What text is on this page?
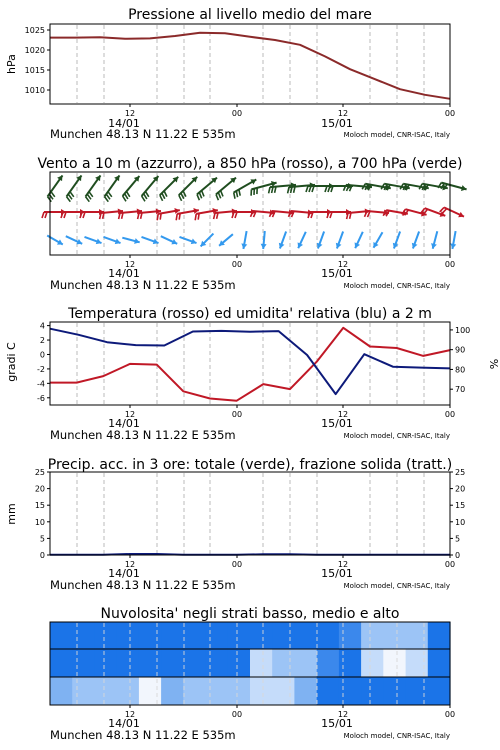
Pressione al livello medio del mare
hPa
1025
1020
1015
1010
12	00	12	00
14/01	15/01
Munchen 48.13 N 11.22 E 535m	Moloch model, CNR-ISAC, Italy
Vento a 10 m (azzurro), a 850 hPa (rosso), a 700 hPa (verde)
12	00	12	00
14/01	15/01
Munchen 48.13 N 11.22 E 535m	Moloch model, CNR-ISAC, Italy
Temperatura (rosso) ed umidita' relativa (blu) a 2 m
gradi C	%
4
2
0
-2
-4
-6
100
90
80
70
12	00	12	00
14/01	15/01
Munchen 48.13 N 11.22 E 535m	Moloch model, CNR-ISAC, Italy
Precip. acc. in 3 ore: totale (verde), frazione solida (tratt.)
mm
25
20
15
10
5
0
25
20
15
10
5
0
12	00	12	00
14/01	15/01
Munchen 48.13 N 11.22 E 535m	Moloch model, CNR-ISAC, Italy
Nuvolosita' negli strati basso, medio e alto
12	00	12	00
14/01	15/01
Munchen 48.13 N 11.22 E 535m	Moloch model, CNR-ISAC, Italy
